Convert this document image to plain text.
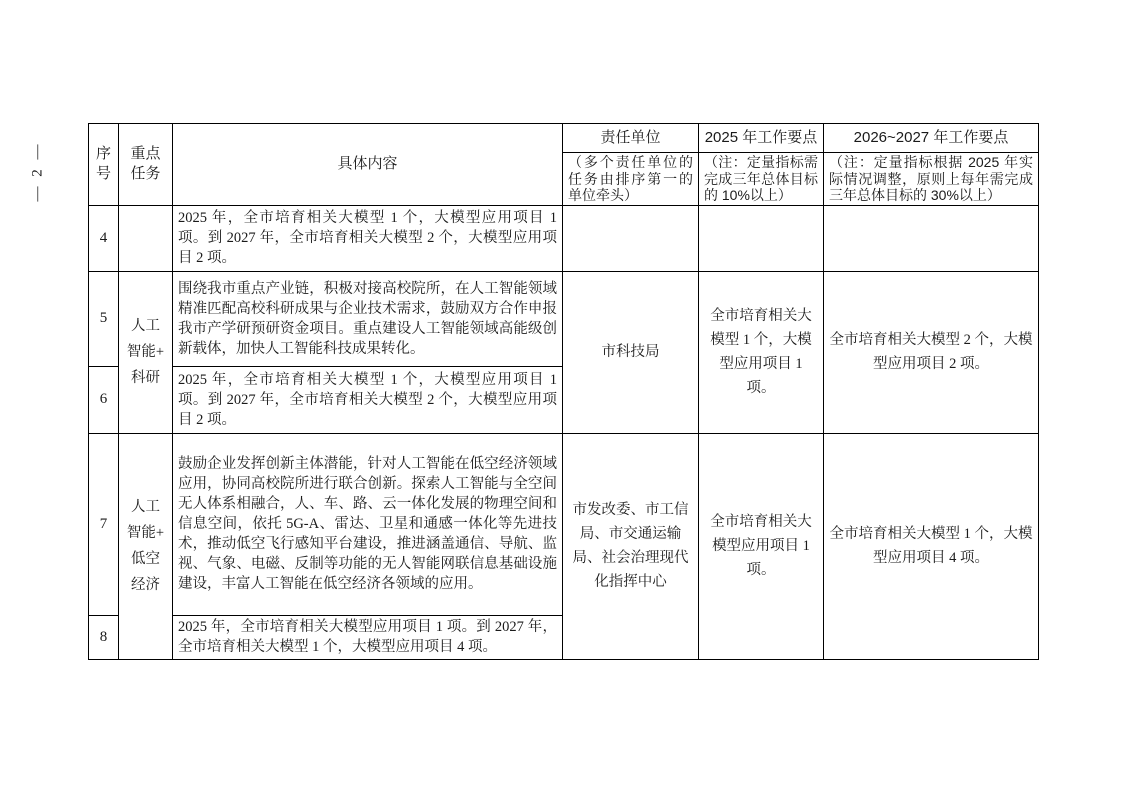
— 2 —	序号	重点任务	具体内容	责任单位	2025 年工作要点	2026~2027 年工作要点
			（多个责任单位的任务由排序第一的单位牵头）	（注：定量指标需完成三年总体目标的 10%以上）	（注：定量指标根据 2025 年实际情况调整，原则上每年需完成三年总体目标的 30%以上）
4		2025 年，全市培育相关大模型 1 个，大模型应用项目 1 项。到 2027 年，全市培育相关大模型 2 个，大模型应用项目 2 项。			
5	人工
智能+
科研	围绕我市重点产业链，积极对接高校院所，在人工智能领域精准匹配高校科研成果与企业技术需求，鼓励双方合作申报我市产学研预研资金项目。重点建设人工智能领域高能级创新载体，加快人工智能科技成果转化。	市科技局	全市培育相关大模型 1 个，大模型应用项目 1 项。	全市培育相关大模型 2 个，大模型应用项目 2 项。
6		2025 年，全市培育相关大模型 1 个，大模型应用项目 1 项。到 2027 年，全市培育相关大模型 2 个，大模型应用项目 2 项。			
7	人工
智能+
低空
经济	鼓励企业发挥创新主体潜能，针对人工智能在低空经济领域应用，协同高校院所进行联合创新。探索人工智能与全空间无人体系相融合，人、车、路、云一体化发展的物理空间和信息空间，依托 5G-A、雷达、卫星和通感一体化等先进技术，推动低空飞行感知平台建设，推进涵盖通信、导航、监视、气象、电磁、反制等功能的无人智能网联信息基础设施建设，丰富人工智能在低空经济各领域的应用。	市发改委、市工信局、市交通运输局、社会治理现代化指挥中心	全市培育相关大模型应用项目 1 项。	全市培育相关大模型 1 个，大模型应用项目 4 项。
8		2025 年，全市培育相关大模型应用项目 1 项。到 2027 年，全市培育相关大模型 1 个，大模型应用项目 4 项。			
